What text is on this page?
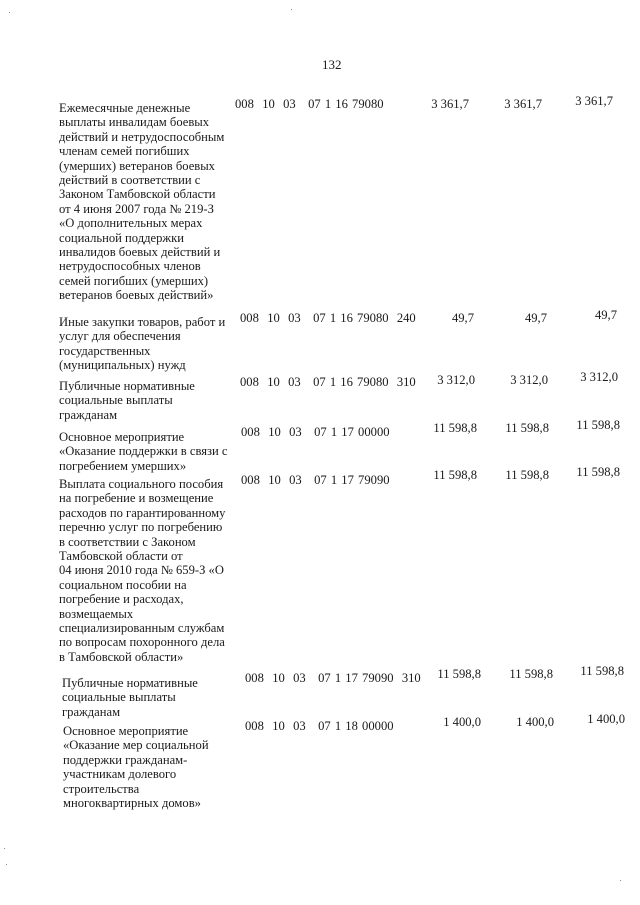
132
Ежемесячные денежные
выплаты инвалидам боевых
действий и нетрудоспособным
членам семей погибших
(умерших) ветеранов боевых
действий в соответствии с
Законом Тамбовской области
от 4 июня 2007 года № 219-З
«О дополнительных мерах
социальной поддержки
инвалидов боевых действий и
нетрудоспособных членов
семей погибших (умерших)
ветеранов боевых действий»
008  10  03   07 1 16 79080	3 361,7	3 361,7	3 361,7
Иные закупки товаров, работ и
услуг для обеспечения
государственных
(муниципальных) нужд
008  10  03   07 1 16 79080  240	49,7	49,7	49,7
Публичные нормативные
социальные выплаты
гражданам
008  10  03   07 1 16 79080  310	3 312,0	3 312,0	3 312,0
Основное мероприятие
«Оказание поддержки в связи с
погребением умерших»
008  10  03   07 1 17 00000	11 598,8	11 598,8	11 598,8
Выплата социального пособия
на погребение и возмещение
расходов по гарантированному
перечню услуг по погребению
в соответствии с Законом
Тамбовской области от
04 июня 2010 года № 659-З «О
социальном пособии на
погребение и расходах,
возмещаемых
специализированным службам
по вопросам похоронного дела
в Тамбовской области»
008  10  03   07 1 17 79090	11 598,8	11 598,8	11 598,8
Публичные нормативные
социальные выплаты
гражданам
008  10  03   07 1 17 79090  310	11 598,8	11 598,8	11 598,8
Основное мероприятие
«Оказание мер социальной
поддержки гражданам-
участникам долевого
строительства
многоквартирных домов»
008  10  03   07 1 18 00000	1 400,0	1 400,0	1 400,0
